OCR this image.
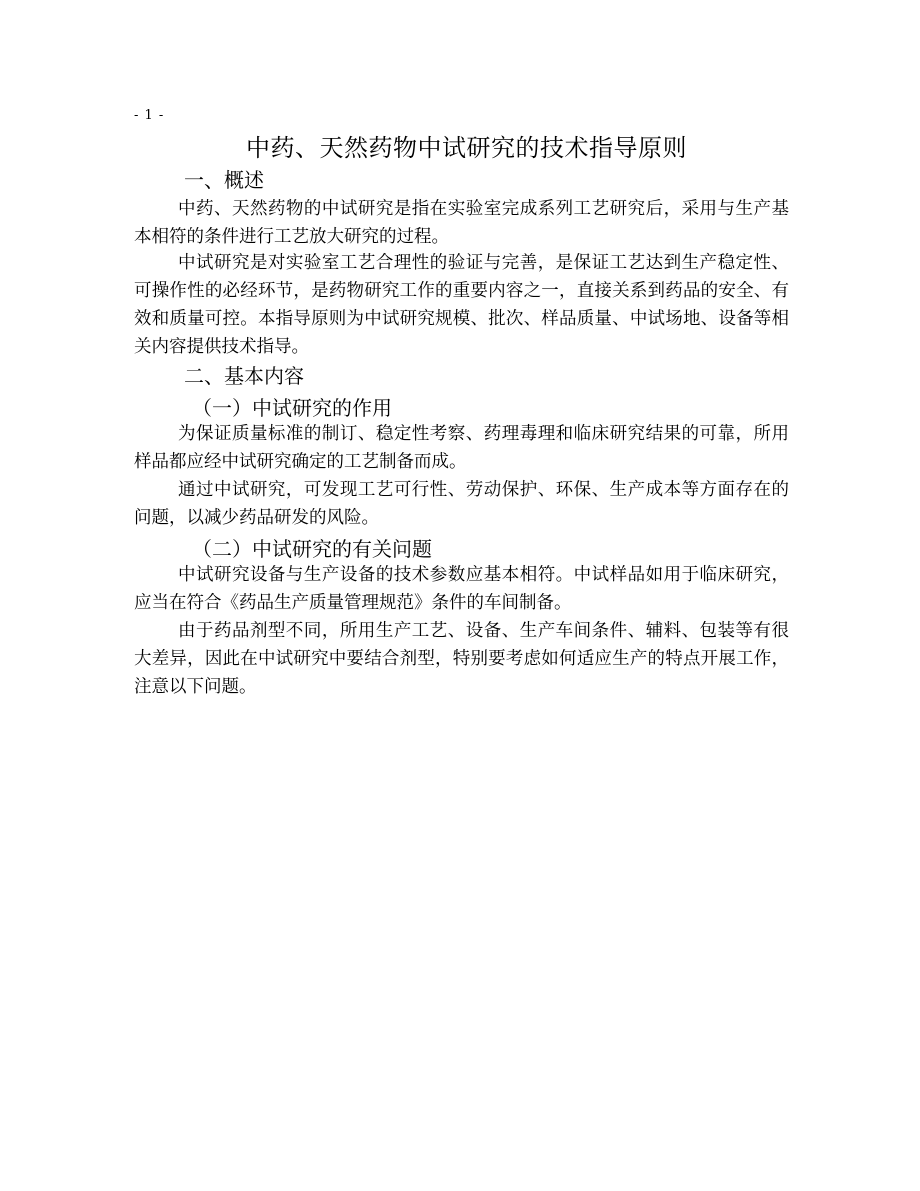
- 1 -
中药、天然药物中试研究的技术指导原则
一、概述

中药、天然药物的中试研究是指在实验室完成系列工艺研究后，采用与生产基本相符的条件进行工艺放大研究的过程。

中试研究是对实验室工艺合理性的验证与完善，是保证工艺达到生产稳定性、可操作性的必经环节，是药物研究工作的重要内容之一，直接关系到药品的安全、有效和质量可控。本指导原则为中试研究规模、批次、样品质量、中试场地、设备等相关内容提供技术指导。

二、基本内容
（一）中试研究的作用

为保证质量标准的制订、稳定性考察、药理毒理和临床研究结果的可靠，所用样品都应经中试研究确定的工艺制备而成。

通过中试研究，可发现工艺可行性、劳动保护、环保、生产成本等方面存在的问题，以减少药品研发的风险。

（二）中试研究的有关问题

中试研究设备与生产设备的技术参数应基本相符。中试样品如用于临床研究，应当在符合《药品生产质量管理规范》条件的车间制备。

由于药品剂型不同，所用生产工艺、设备、生产车间条件、辅料、包装等有很大差异，因此在中试研究中要结合剂型，特别要考虑如何适应生产的特点开展工作，注意以下问题。
